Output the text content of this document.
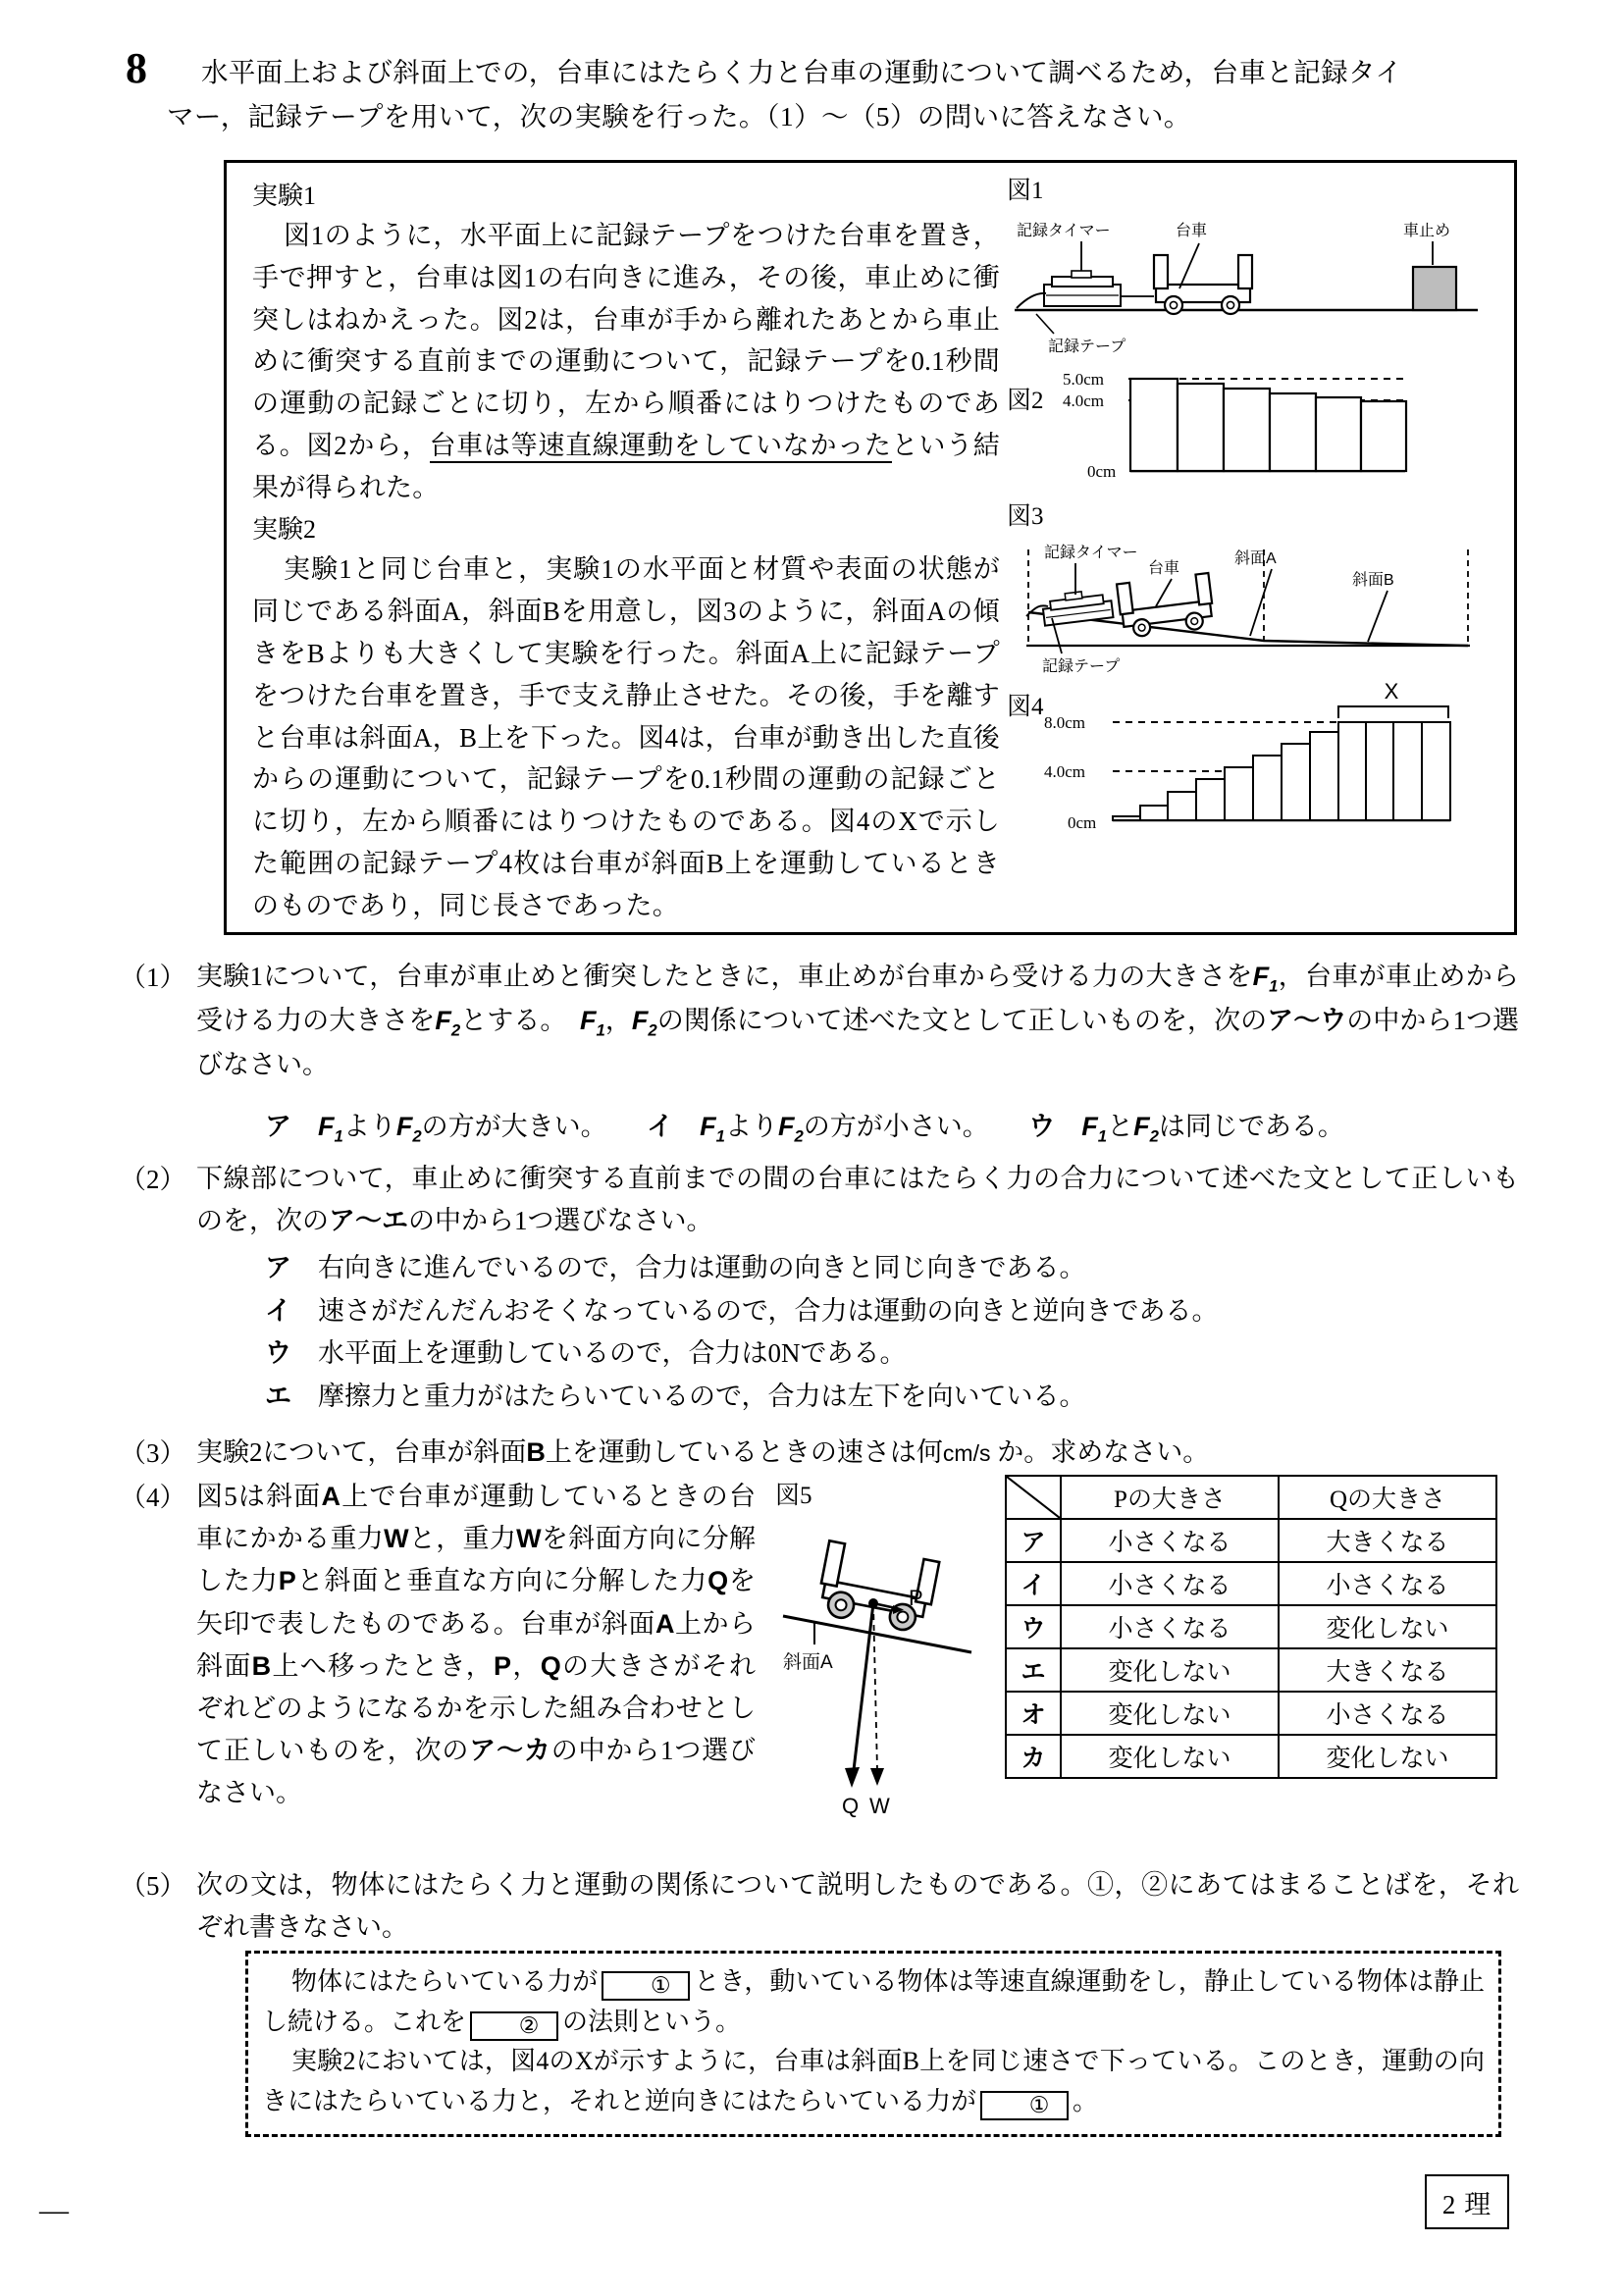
8 水平面上および斜面上での，台車にはたらく力と台車の運動について調べるため，台車と記録タイ
マー，記録テープを用いて，次の実験を行った。（1）～（5）の問いに答えなさい。
実験1

図1のように，水平面上に記録テープをつけた台車を置き，手で押すと，台車は図1の右向きに進み，その後，車止めに衝突しはねかえった。図2は，台車が手から離れたあとから車止めに衝突する直前までの運動について，記録テープを0.1秒間の運動の記録ごとに切り，左から順番にはりつけたものである。図2から，台車は等速直線運動をしていなかったという結果が得られた。

実験2

実験1と同じ台車と，実験1の水平面と材質や表面の状態が同じである斜面A，斜面Bを用意し，図3のように，斜面Aの傾きをBよりも大きくして実験を行った。斜面A上に記録テープをつけた台車を置き，手で支え静止させた。その後，手を離すと台車は斜面A，B上を下った。図4は，台車が動き出した直後からの運動について，記録テープを0.1秒間の運動の記録ごとに切り，左から順番にはりつけたものである。図4のXで示した範囲の記録テープ4枚は台車が斜面B上を運動しているときのものであり，同じ長さであった。

図1
記録タイマー	台車	車止め
記録テープ
図2
5.0cm
4.0cm
0cm
図3
記録タイマー
台車
斜面A
斜面B
記録テープ
図4
X
8.0cm
4.0cm
0cm
（1） 実験1について，台車が車止めと衝突したときに，車止めが台車から受ける力の大きさを$F_1$，台車が車止めから受ける力の大きさを$F_2$とする。　$F_1$，$F_2$の関係について述べた文として正しいものを，次のア～ウの中から1つ選びなさい。
ア　 $F_1$より$F_2$の方が大きい。　　 イ　 $F_1$より$F_2$の方が小さい。　　 ウ　 $F_1$と$F_2$は同じである。
（2） 下線部について，車止めに衝突する直前までの間の台車にはたらく力の合力について述べた文として正しいものを，次のア～エの中から1つ選びなさい。
ア　 右向きに進んでいるので，合力は運動の向きと同じ向きである。
イ　 速さがだんだんおそくなっているので，合力は運動の向きと逆向きである。
ウ　 水平面上を運動しているので，合力は0Nである。
エ　 摩擦力と重力がはたらいているので，合力は左下を向いている。
（3） 実験2について，台車が斜面B上を運動しているときの速さは何cm/s か。求めなさい。
（4） 図5は斜面A上で台車が運動しているときの台車にかかる重力Wと，重力Wを斜面方向に分解した力Pと斜面と垂直な方向に分解した力Qを矢印で表したものである。台車が斜面A上から斜面B上へ移ったとき，P，Qの大きさがそれぞれどのようになるかを示した組み合わせとして正しいものを，次のア～カの中から1つ選びなさい。
図5
斜面A
P
Q W
	Pの大きさ	Qの大きさ
ア	小さくなる	大きくなる
イ	小さくなる	小さくなる
ウ	小さくなる	変化しない
エ	変化しない	大きくなる
オ	変化しない	小さくなる
カ	変化しない	変化しない
（5） 次の文は，物体にはたらく力と運動の関係について説明したものである。①，②にあてはまることばを，それぞれ書きなさい。

物体にはたらいている力が ① とき，動いている物体は等速直線運動をし，静止している物体は静止し続ける。これを ② の法則という。

実験2においては，図4のXが示すように，台車は斜面B上を同じ速さで下っている。このとき，運動の向きにはたらいている力と，それと逆向きにはたらいている力が ① 。

―	2 理
